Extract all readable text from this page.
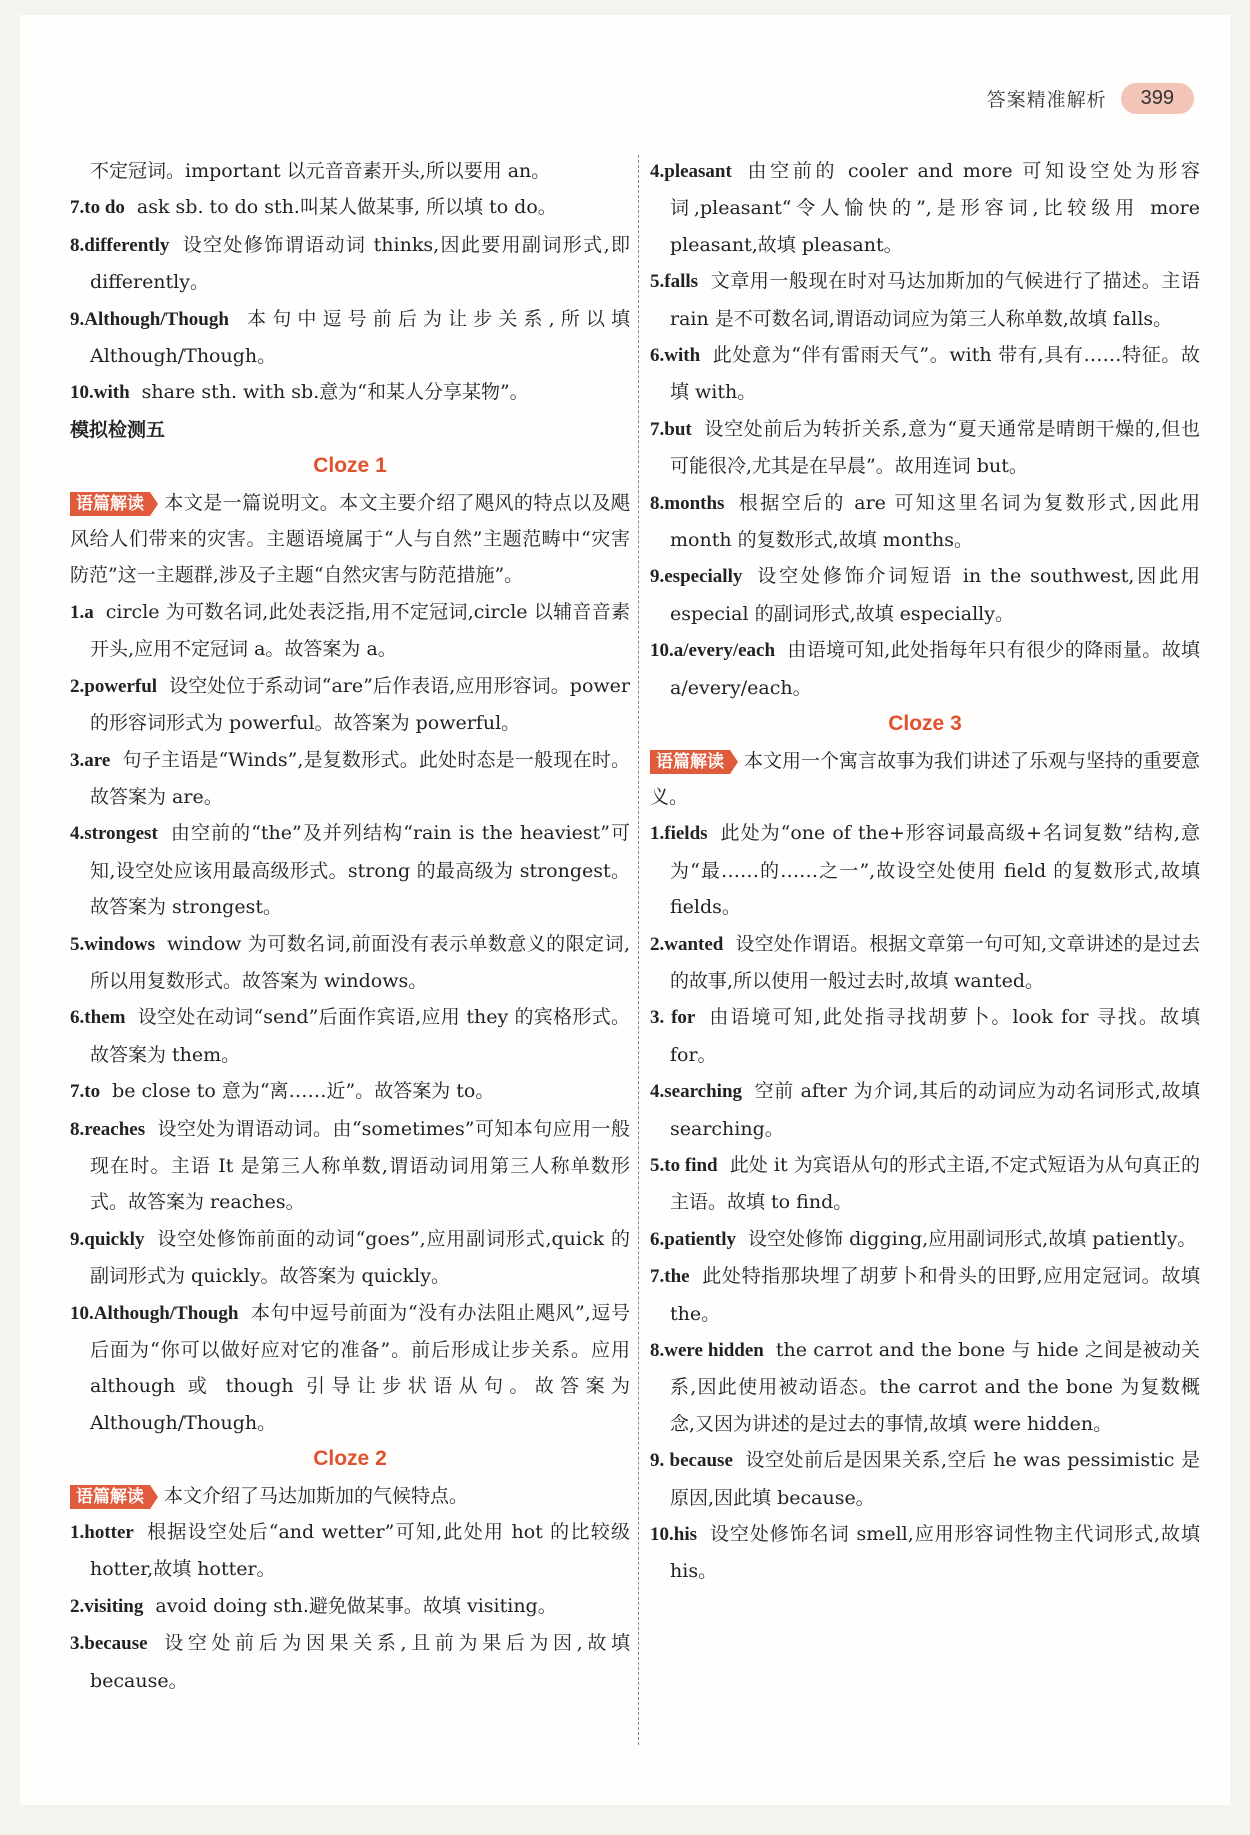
答案精准解析	399
不定冠词。important 以元音音素开头,所以要用 an。
7.to do ask sb. to do sth.叫某人做某事, 所以填 to do。
8.differently 设空处修饰谓语动词 thinks,因此要用副词形式,即 differently。
9.Although/Though 本句中逗号前后为让步关系,所以填 Although/Though。
10.with share sth. with sb.意为“和某人分享某物”。
模拟检测五
Cloze 1
语篇解读 本文是一篇说明文。本文主要介绍了飓风的特点以及飓风给人们带来的灾害。主题语境属于“人与自然”主题范畴中“灾害防范”这一主题群,涉及子主题“自然灾害与防范措施”。
1.a circle 为可数名词,此处表泛指,用不定冠词,circle 以辅音音素开头,应用不定冠词 a。故答案为 a。
2.powerful 设空处位于系动词“are”后作表语,应用形容词。power 的形容词形式为 powerful。故答案为 powerful。
3.are 句子主语是“Winds”,是复数形式。此处时态是一般现在时。故答案为 are。
4.strongest 由空前的“the”及并列结构“rain is the heaviest”可知,设空处应该用最高级形式。strong 的最高级为 strongest。故答案为 strongest。
5.windows window 为可数名词,前面没有表示单数意义的限定词,所以用复数形式。故答案为 windows。
6.them 设空处在动词“send”后面作宾语,应用 they 的宾格形式。故答案为 them。
7.to be close to 意为“离……近”。故答案为 to。
8.reaches 设空处为谓语动词。由“sometimes”可知本句应用一般现在时。主语 It 是第三人称单数,谓语动词用第三人称单数形式。故答案为 reaches。
9.quickly 设空处修饰前面的动词“goes”,应用副词形式,quick 的副词形式为 quickly。故答案为 quickly。
10.Although/Though 本句中逗号前面为“没有办法阻止飓风”,逗号后面为“你可以做好应对它的准备”。前后形成让步关系。应用 although 或 though 引导让步状语从句。故答案为 Although/Though。
Cloze 2
语篇解读 本文介绍了马达加斯加的气候特点。
1.hotter 根据设空处后“and wetter”可知,此处用 hot 的比较级 hotter,故填 hotter。
2.visiting avoid doing sth.避免做某事。故填 visiting。
3.because 设空处前后为因果关系,且前为果后为因,故填 because。
4.pleasant 由空前的 cooler and more 可知设空处为形容词,pleasant“令人愉快的”,是形容词,比较级用 more pleasant,故填 pleasant。
5.falls 文章用一般现在时对马达加斯加的气候进行了描述。主语 rain 是不可数名词,谓语动词应为第三人称单数,故填 falls。
6.with 此处意为“伴有雷雨天气”。with 带有,具有……特征。故填 with。
7.but 设空处前后为转折关系,意为“夏天通常是晴朗干燥的,但也可能很冷,尤其是在早晨”。故用连词 but。
8.months 根据空后的 are 可知这里名词为复数形式,因此用 month 的复数形式,故填 months。
9.especially 设空处修饰介词短语 in the southwest,因此用 especial 的副词形式,故填 especially。
10.a/every/each 由语境可知,此处指每年只有很少的降雨量。故填 a/every/each。
Cloze 3
语篇解读 本文用一个寓言故事为我们讲述了乐观与坚持的重要意义。
1.fields 此处为“one of the+形容词最高级+名词复数”结构,意为“最……的……之一”,故设空处使用 field 的复数形式,故填 fields。
2.wanted 设空处作谓语。根据文章第一句可知,文章讲述的是过去的故事,所以使用一般过去时,故填 wanted。
3. for 由语境可知,此处指寻找胡萝卜。look for 寻找。故填 for。
4.searching 空前 after 为介词,其后的动词应为动名词形式,故填 searching。
5.to find 此处 it 为宾语从句的形式主语,不定式短语为从句真正的主语。故填 to find。
6.patiently 设空处修饰 digging,应用副词形式,故填 patiently。
7.the 此处特指那块埋了胡萝卜和骨头的田野,应用定冠词。故填 the。
8.were hidden the carrot and the bone 与 hide 之间是被动关系,因此使用被动语态。the carrot and the bone 为复数概念,又因为讲述的是过去的事情,故填 were hidden。
9. because 设空处前后是因果关系,空后 he was pessimistic 是原因,因此填 because。
10.his 设空处修饰名词 smell,应用形容词性物主代词形式,故填 his。
